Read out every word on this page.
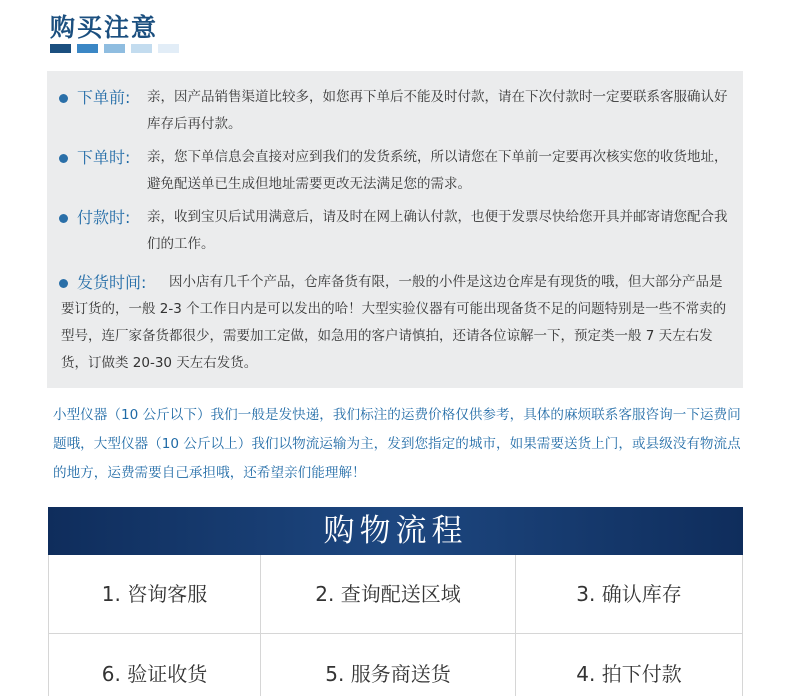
购买注意
下单前:	亲，因产品销售渠道比较多，如您再下单后不能及时付款，请在下次付款时一定要联系客服确认好库存后再付款。
下单时:	亲，您下单信息会直接对应到我们的发货系统，所以请您在下单前一定要再次核实您的收货地址，避免配送单已生成但地址需要更改无法满足您的需求。
付款时:	亲，收到宝贝后试用满意后，请及时在网上确认付款，也便于发票尽快给您开具并邮寄请您配合我们的工作。
发货时间:	因小店有几千个产品，仓库备货有限，一般的小件是这边仓库是有现货的哦，但大部分产品是要订货的，一般 2-3 个工作日内是可以发出的哈！大型实验仪器有可能出现备货不足的问题特别是一些不常卖的型号，连厂家备货都很少，需要加工定做，如急用的客户请慎拍，还请各位谅解一下，预定类一般 7 天左右发货，订做类 20-30 天左右发货。
小型仪器（10 公斤以下）我们一般是发快递，我们标注的运费价格仅供参考，具体的麻烦联系客服咨询一下运费问题哦，大型仪器（10 公斤以上）我们以物流运输为主，发到您指定的城市，如果需要送货上门，或县级没有物流点的地方，运费需要自己承担哦，还希望亲们能理解！
购物流程
1. 咨询客服	2. 查询配送区域	3. 确认库存
6. 验证收货	5. 服务商送货	4. 拍下付款
